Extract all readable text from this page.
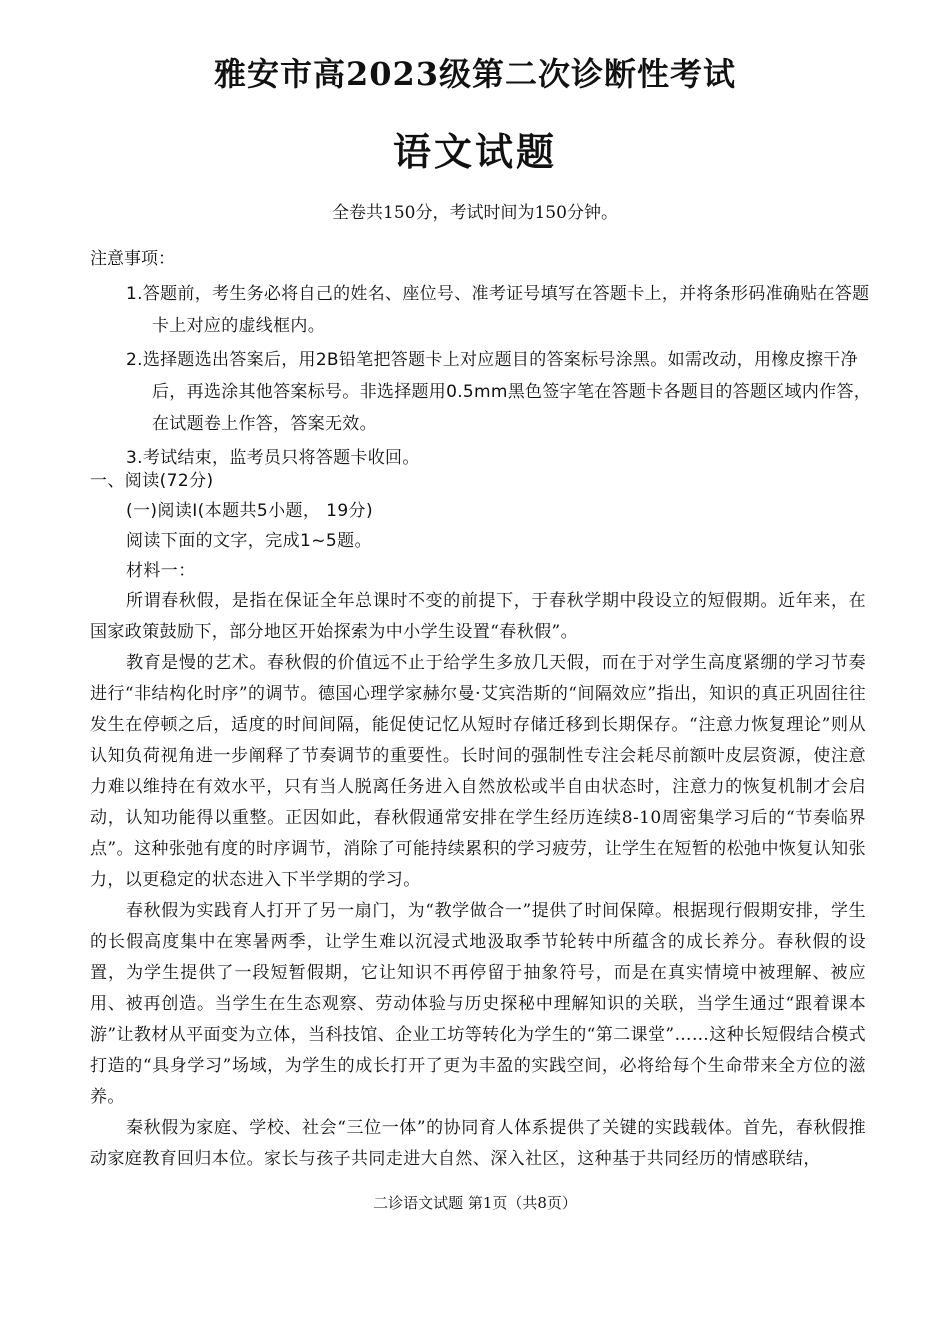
雅安市高2023级第二次诊断性考试
语文试题
全卷共150分，考试时间为150分钟。

注意事项：

1.答题前，考生务必将自己的姓名、座位号、准考证号填写在答题卡上，并将条形码准确贴在答题卡上对应的虚线框内。

2.选择题选出答案后，用2B铅笔把答题卡上对应题目的答案标号涂黑。如需改动，用橡皮擦干净后，再选涂其他答案标号。非选择题用0.5mm黑色签字笔在答题卡各题目的答题区域内作答，在试题卷上作答，答案无效。

3.考试结束，监考员只将答题卡收回。

一、阅读(72分)

(一)阅读Ⅰ(本题共5小题， 19分)

阅读下面的文字，完成1~5题。

材料一：

所谓春秋假，是指在保证全年总课时不变的前提下，于春秋学期中段设立的短假期。近年来，在国家政策鼓励下，部分地区开始探索为中小学生设置“春秋假”。

教育是慢的艺术。春秋假的价值远不止于给学生多放几天假，而在于对学生高度紧绷的学习节奏进行“非结构化时序”的调节。德国心理学家赫尔曼·艾宾浩斯的“间隔效应”指出，知识的真正巩固往往发生在停顿之后，适度的时间间隔，能促使记忆从短时存储迁移到长期保存。“注意力恢复理论”则从认知负荷视角进一步阐释了节奏调节的重要性。长时间的强制性专注会耗尽前额叶皮层资源，使注意力难以维持在有效水平，只有当人脱离任务进入自然放松或半自由状态时，注意力的恢复机制才会启动，认知功能得以重整。正因如此，春秋假通常安排在学生经历连续8-10周密集学习后的“节奏临界点”。这种张弛有度的时序调节，消除了可能持续累积的学习疲劳，让学生在短暂的松弛中恢复认知张力，以更稳定的状态进入下半学期的学习。

春秋假为实践育人打开了另一扇门，为“教学做合一”提供了时间保障。根据现行假期安排，学生的长假高度集中在寒暑两季，让学生难以沉浸式地汲取季节轮转中所蕴含的成长养分。春秋假的设置，为学生提供了一段短暂假期，它让知识不再停留于抽象符号，而是在真实情境中被理解、被应用、被再创造。当学生在生态观察、劳动体验与历史探秘中理解知识的关联，当学生通过“跟着课本游”让教材从平面变为立体，当科技馆、企业工坊等转化为学生的“第二课堂”……这种长短假结合模式打造的“具身学习”场域，为学生的成长打开了更为丰盈的实践空间，必将给每个生命带来全方位的滋养。

秦秋假为家庭、学校、社会“三位一体”的协同育人体系提供了关键的实践载体。首先，春秋假推动家庭教育回归本位。家长与孩子共同走进大自然、深入社区，这种基于共同经历的情感联结，

二诊语文试题 第1页（共8页）
